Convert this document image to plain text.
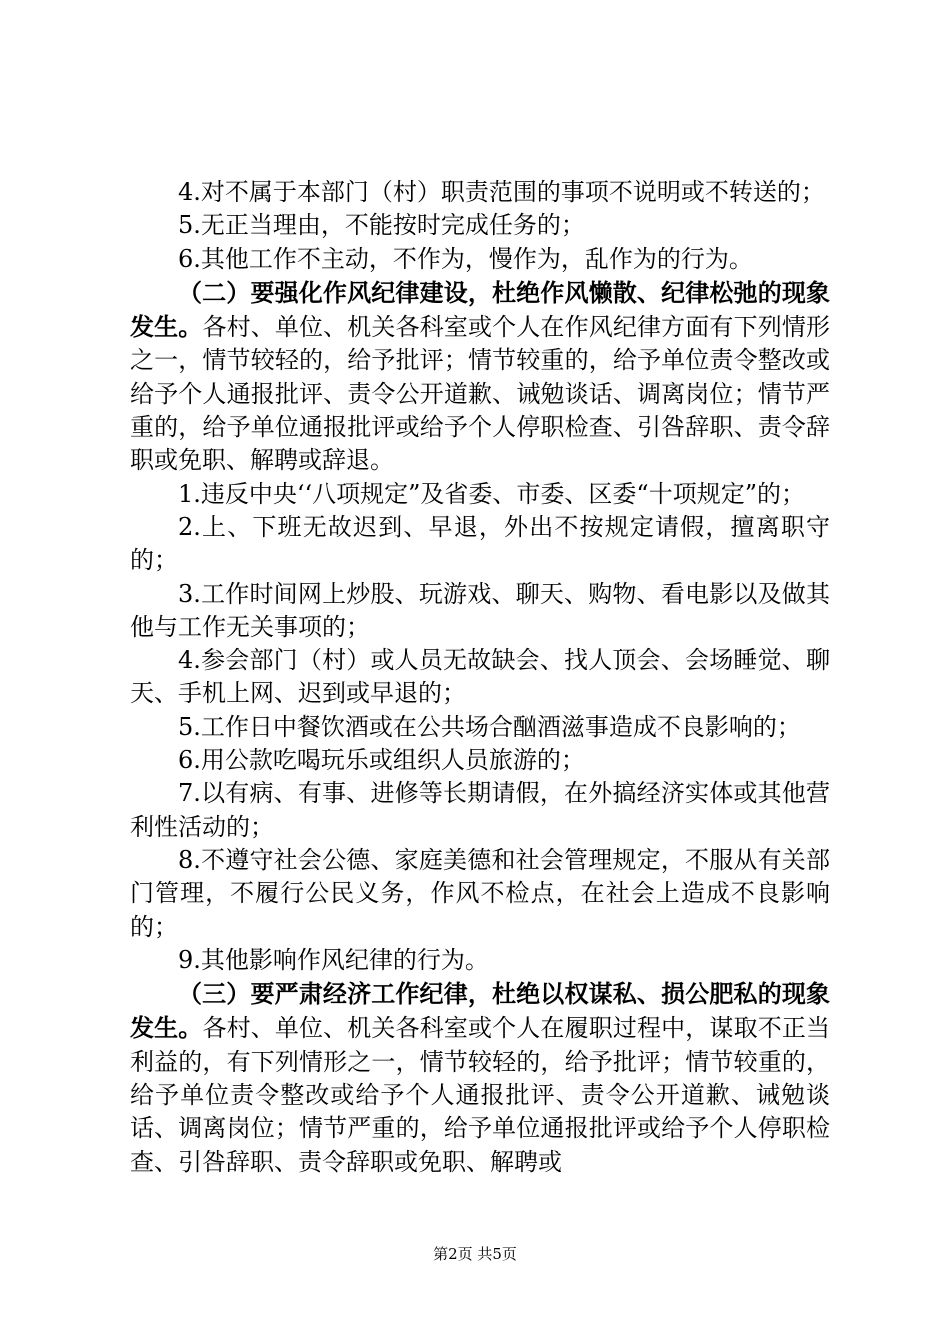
4.对不属于本部门（村）职责范围的事项不说明或不转送的；

5.无正当理由，不能按时完成任务的；

6.其他工作不主动，不作为，慢作为，乱作为的行为。

（二）要强化作风纪律建设，杜绝作风懒散、纪律松弛的现象发生。各村、单位、机关各科室或个人在作风纪律方面有下列情形之一，情节较轻的，给予批评；情节较重的，给予单位责令整改或给予个人通报批评、责令公开道歉、诫勉谈话、调离岗位；情节严重的，给予单位通报批评或给予个人停职检查、引咎辞职、责令辞职或免职、解聘或辞退。

1.违反中央‘‘八项规定”及省委、市委、区委“十项规定”的；

2.上、下班无故迟到、早退，外出不按规定请假，擅离职守的；

3.工作时间网上炒股、玩游戏、聊天、购物、看电影以及做其他与工作无关事项的；

4.参会部门（村）或人员无故缺会、找人顶会、会场睡觉、聊天、手机上网、迟到或早退的；

5.工作日中餐饮酒或在公共场合酗酒滋事造成不良影响的；

6.用公款吃喝玩乐或组织人员旅游的；

7.以有病、有事、进修等长期请假，在外搞经济实体或其他营利性活动的；

8.不遵守社会公德、家庭美德和社会管理规定，不服从有关部门管理，不履行公民义务，作风不检点，在社会上造成不良影响的；

9.其他影响作风纪律的行为。

（三）要严肃经济工作纪律，杜绝以权谋私、损公肥私的现象发生。各村、单位、机关各科室或个人在履职过程中，谋取不正当利益的，有下列情形之一，情节较轻的，给予批评；情节较重的，给予单位责令整改或给予个人通报批评、责令公开道歉、诫勉谈话、调离岗位；情节严重的，给予单位通报批评或给予个人停职检查、引咎辞职、责令辞职或免职、解聘或

第2页 共5页
